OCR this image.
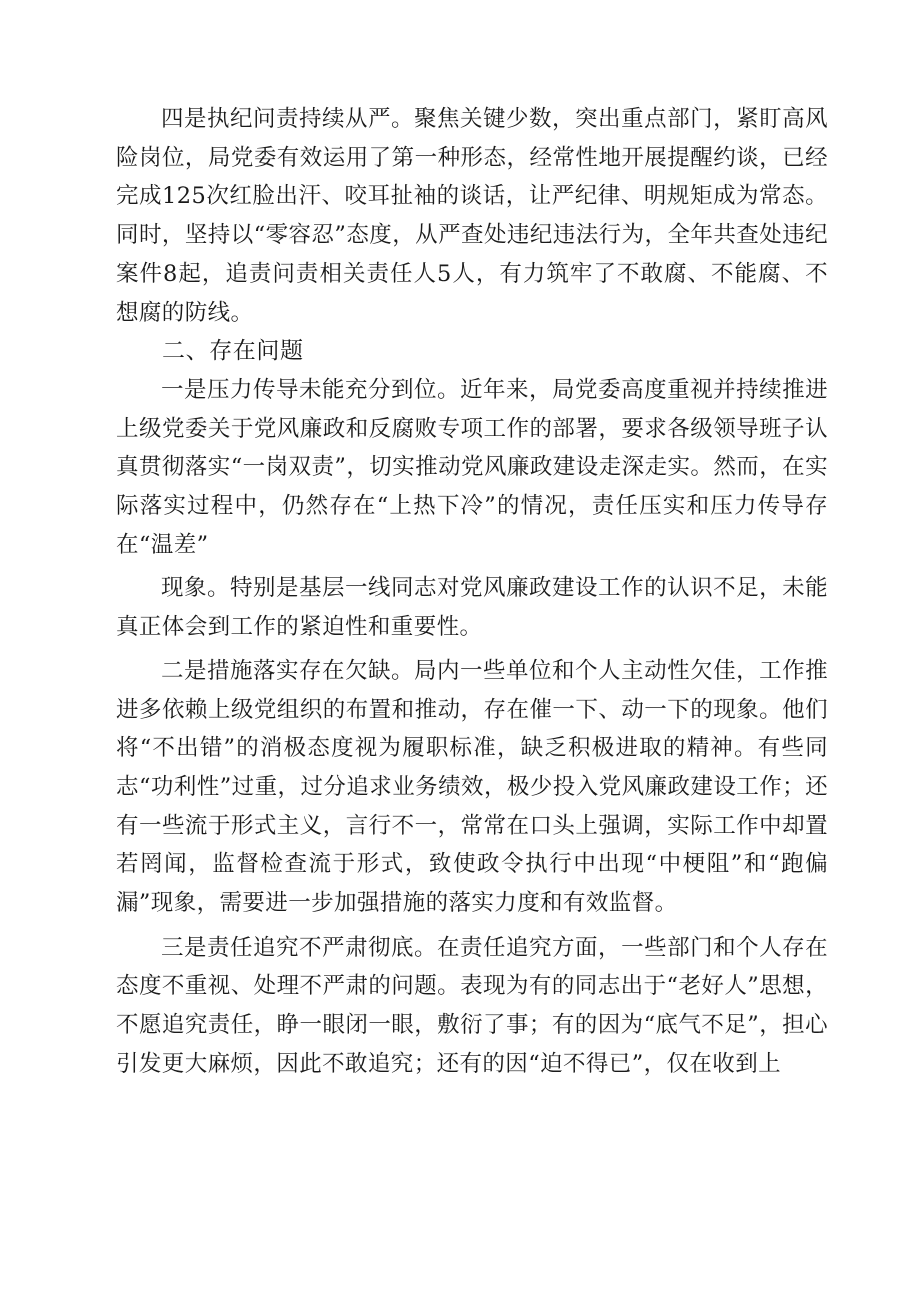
四是执纪问责持续从严。聚焦关键少数，突出重点部门，紧盯高风险岗位，局党委有效运用了第一种形态，经常性地开展提醒约谈，已经完成125次红脸出汗、咬耳扯袖的谈话，让严纪律、明规矩成为常态。同时，坚持以“零容忍”态度，从严查处违纪违法行为，全年共查处违纪案件8起，追责问责相关责任人5人，有力筑牢了不敢腐、不能腐、不想腐的防线。

二、存在问题

一是压力传导未能充分到位。近年来，局党委高度重视并持续推进上级党委关于党风廉政和反腐败专项工作的部署，要求各级领导班子认真贯彻落实“一岗双责”，切实推动党风廉政建设走深走实。然而，在实际落实过程中，仍然存在“上热下冷”的情况，责任压实和压力传导存在“温差”

现象。特别是基层一线同志对党风廉政建设工作的认识不足，未能真正体会到工作的紧迫性和重要性。

二是措施落实存在欠缺。局内一些单位和个人主动性欠佳，工作推进多依赖上级党组织的布置和推动，存在催一下、动一下的现象。他们将“不出错”的消极态度视为履职标准，缺乏积极进取的精神。有些同志“功利性”过重，过分追求业务绩效，极少投入党风廉政建设工作；还有一些流于形式主义，言行不一，常常在口头上强调，实际工作中却置若罔闻，监督检查流于形式，致使政令执行中出现“中梗阻”和“跑偏漏”现象，需要进一步加强措施的落实力度和有效监督。

三是责任追究不严肃彻底。在责任追究方面，一些部门和个人存在态度不重视、处理不严肃的问题。表现为有的同志出于“老好人”思想，不愿追究责任，睁一眼闭一眼，敷衍了事；有的因为“底气不足”，担心引发更大麻烦，因此不敢追究；还有的因“迫不得已”，仅在收到上
